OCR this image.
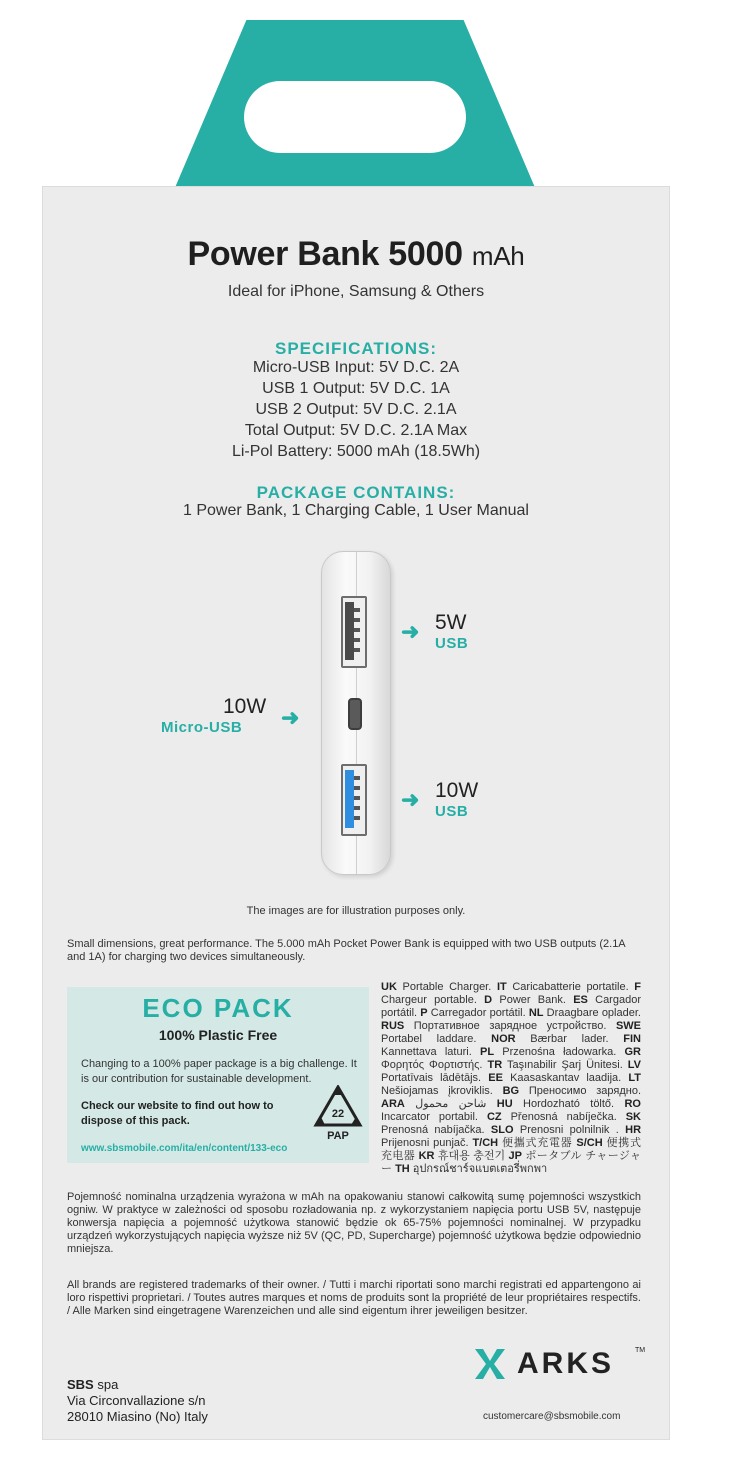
Power Bank 5000 mAh
Ideal for iPhone, Samsung & Others
SPECIFICATIONS:
Micro-USB Input: 5V D.C. 2A
USB 1 Output: 5V D.C. 1A
USB 2 Output: 5V D.C. 2.1A
Total Output: 5V D.C. 2.1A Max
Li-Pol Battery: 5000 mAh (18.5Wh)
PACKAGE CONTAINS:
1 Power Bank, 1 Charging Cable, 1 User Manual
➜ 5W
USB
10W
Micro-USB ➜
➜ 10W
USB
The images are for illustration purposes only.
Small dimensions, great performance. The 5.000 mAh Pocket Power Bank is equipped with two USB outputs (2.1A and 1A) for charging two devices simultaneously.
ECO PACK
100% Plastic Free
Changing to a 100% paper package is a big challenge. It is our contribution for sustainable development.
Check our website to find out how to dispose of this pack.
www.sbsmobile.com/ita/en/content/133-eco
22
PAP
UK Portable Charger. IT Caricabatterie portatile. F Chargeur portable. D Power Bank. ES Cargador portátil. P Carregador portátil. NL Draagbare oplader. RUS Портативное зарядное устройство. SWE Portabel laddare. NOR Bærbar lader. FIN Kannettava laturi. PL Przenośna ładowarka. GR Φορητός Φορτιστής. TR Taşınabilir Şarj Ünitesi. LV Portatīvais lādētājs. EE Kaasaskantav laadija. LT Nešiojamas įkroviklis. BG Преносимо зарядно. ARA شاحن محمول HU Hordozható töltő. RO Incarcator portabil. CZ Přenosná nabíječka. SK Prenosná nabíjačka. SLO Prenosni polnilnik . HR Prijenosni punjač. T/CH 便攜式充電器 S/CH 便携式充电器 KR 휴대용 충전기 JP ポータブル チャージャー TH อุปกรณ์ชาร์จแบตเตอรี่พกพา
Pojemność nominalna urządzenia wyrażona w mAh na opakowaniu stanowi całkowitą sumę pojemności wszystkich ogniw. W praktyce w zależności od sposobu rozładowania np. z wykorzystaniem napięcia portu USB 5V, następuje konwersja napięcia a pojemność użytkowa stanowić będzie ok 65-75% pojemności nominalnej. W przypadku urządzeń wykorzystujących napięcia wyższe niż 5V (QC, PD, Supercharge) pojemność użytkowa będzie odpowiednio mniejsza.
All brands are registered trademarks of their owner. / Tutti i marchi riportati sono marchi registrati ed appartengono ai loro rispettivi proprietari. / Toutes autres marques et noms de produits sont la propriété de leur propriétaires respectifs. / Alle Marken sind eingetragene Warenzeichen und alle sind eigentum ihrer jeweiligen besitzer.
ARKS	TM
SBS spa
Via Circonvallazione s/n
28010 Miasino (No) Italy	customercare@sbsmobile.com
